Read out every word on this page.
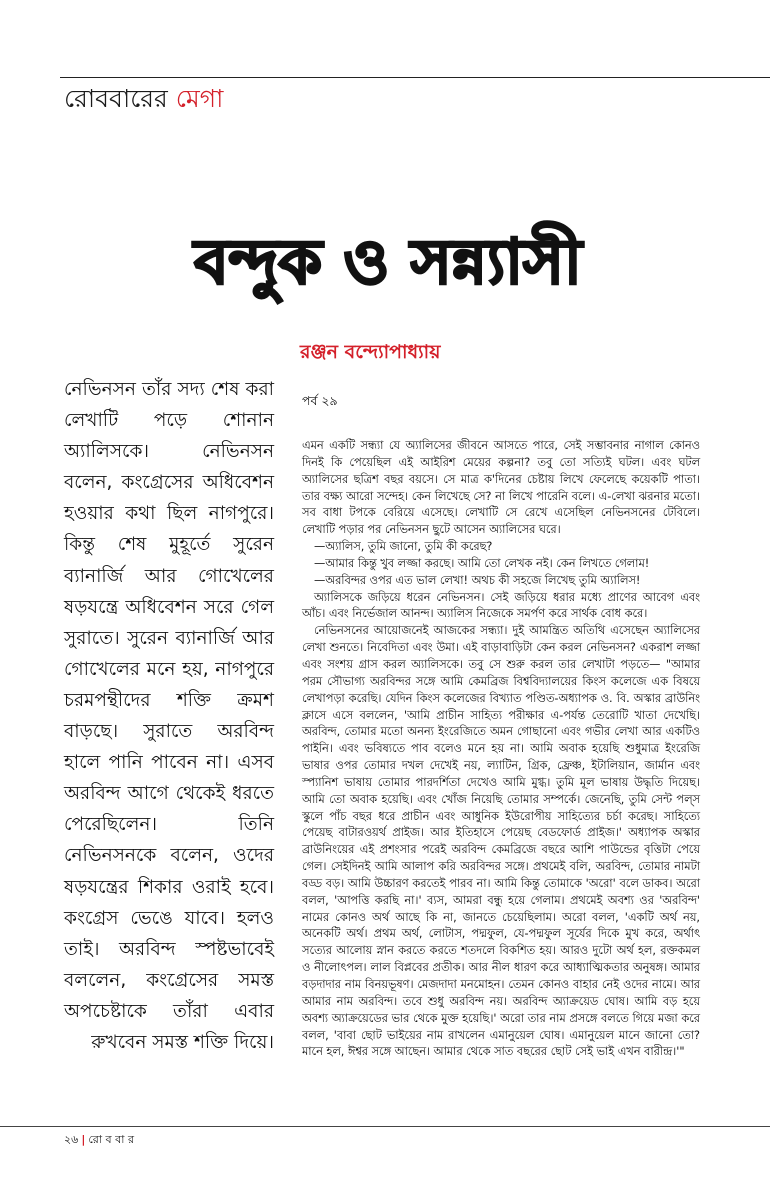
রোববারের মেগা
বন্দুক ও সন্ন্যাসী
রঞ্জন বন্দ্যোপাধ্যায়
নেভিনসন তাঁর সদ্য শেষ করা লেখাটি পড়ে শোনান অ্যালিসকে। নেভিনসন বলেন, কংগ্রেসের অধিবেশন হওয়ার কথা ছিল নাগপুরে। কিন্তু শেষ মুহূর্তে সুরেন ব্যানার্জি আর গোখেলের ষড়যন্ত্রে অধিবেশন সরে গেল সুরাতে। সুরেন ব্যানার্জি আর গোখেলের মনে হয়, নাগপুরে চরমপন্থীদের শক্তি ক্রমশ বাড়ছে। সুরাতে অরবিন্দ হালে পানি পাবেন না। এসব অরবিন্দ আগে থেকেই ধরতে পেরেছিলেন। তিনি নেভিনসনকে বলেন, ওদের ষড়যন্ত্রের শিকার ওরাই হবে। কংগ্রেস ভেঙে যাবে। হলও তাই। অরবিন্দ স্পষ্টভাবেই বললেন, কংগ্রেসের সমস্ত অপচেষ্টাকে তাঁরা এবার রুখবেন সমস্ত শক্তি দিয়ে।
পর্ব ২৯

এমন একটি সন্ধ্যা যে অ্যালিসের জীবনে আসতে পারে, সেই সম্ভাবনার নাগাল কোনও দিনই কি পেয়েছিল এই আইরিশ মেয়ের কল্পনা? তবু তো সত্যিই ঘটল। এবং ঘটল অ্যালিসের ছত্রিশ বছর বয়সে। সে মাত্র ক'দিনের চেষ্টায় লিখে ফেলেছে কয়েকটি পাতা। তার বক্ষ্য আরো সন্দেহ। কেন লিখেছে সে? না লিখে পারেনি বলে। এ-লেখা ঝরনার মতো। সব বাধা টপকে বেরিয়ে এসেছে। লেখাটি সে রেখে এসেছিল নেভিনসনের টেবিলে। লেখাটি পড়ার পর নেভিনসন ছুটে আসেন অ্যালিসের ঘরে।

—অ্যালিস, তুমি জানো, তুমি কী করেছ?

—আমার কিন্তু খুব লজ্জা করছে। আমি তো লেখক নই। কেন লিখতে গেলাম!

—অরবিন্দর ওপর এত ভাল লেখা! অথচ কী সহজে লিখেছ তুমি অ্যালিস!

অ্যালিসকে জড়িয়ে ধরেন নেভিনসন। সেই জড়িয়ে ধরার মধ্যে প্রাণের আবেগ এবং আঁচ। এবং নির্ভেজাল আনন্দ। অ্যালিস নিজেকে সমর্পণ করে সার্থক বোধ করে।

নেভিনসনের আয়োজনেই আজকের সন্ধ্যা। দুই আমন্ত্রিত অতিথি এসেছেন অ্যালিসের লেখা শুনতে। নিবেদিতা এবং উমা। এই বাড়াবাড়িটা কেন করল নেভিনসন? একরাশ লজ্জা এবং সংশয় গ্রাস করল অ্যালিসকে। তবু সে শুরু করল তার লেখাটা পড়তে— "আমার পরম সৌভাগ্য অরবিন্দর সঙ্গে আমি কেমব্রিজ বিশ্ববিদ্যালয়ের কিংস কলেজে এক বিষয়ে লেখাপড়া করেছি। যেদিন কিংস কলেজের বিখ্যাত পণ্ডিত-অধ্যাপক ও. বি. অস্কার ব্রাউনিং ক্লাসে এসে বললেন, 'আমি প্রাচীন সাহিত্য পরীক্ষার এ-পর্যন্ত তেরোটি খাতা দেখেছি। অরবিন্দ, তোমার মতো অনন্য ইংরেজিতে অমন গোছানো এবং গভীর লেখা আর একটিও পাইনি। এবং ভবিষ্যতে পাব বলেও মনে হয় না। আমি অবাক হয়েছি শুধুমাত্র ইংরেজি ভাষার ওপর তোমার দখল দেখেই নয়, ল্যাটিন, গ্রিক, ফ্রেঞ্চ, ইটালিয়ান, জার্মান এবং স্প্যানিশ ভাষায় তোমার পারদর্শিতা দেখেও আমি মুগ্ধ। তুমি মূল ভাষায় উদ্ধৃতি দিয়েছ। আমি তো অবাক হয়েছি। এবং খোঁজ নিয়েছি তোমার সম্পর্কে। জেনেছি, তুমি সেন্ট পল্‌স স্কুলে পাঁচ বছর ধরে প্রাচীন এবং আধুনিক ইউরোপীয় সাহিত্যের চর্চা করেছ। সাহিত্যে পেয়েছ বাটারওয়র্থ প্রাইজ। আর ইতিহাসে পেয়েছ বেডফোর্ড প্রাইজ।' অধ্যাপক অস্কার ব্রাউনিংয়ের এই প্রশংসার পরেই অরবিন্দ কেমব্রিজে বছরে আশি পাউন্ডের বৃত্তিটা পেয়ে গেল। সেইদিনই আমি আলাপ করি অরবিন্দর সঙ্গে। প্রথমেই বলি, অরবিন্দ, তোমার নামটা বড্ড বড়। আমি উচ্চারণ করতেই পারব না। আমি কিন্তু তোমাকে 'অরো' বলে ডাকব। অরো বলল, 'আপত্তি করছি না।' ব্যস, আমরা বন্ধু হয়ে গেলাম। প্রথমেই অবশ্য ওর 'অরবিন্দ' নামের কোনও অর্থ আছে কি না, জানতে চেয়েছিলাম। অরো বলল, 'একটি অর্থ নয়, অনেকটি অর্থ। প্রথম অর্থ, লোটাস, পদ্মফুল, যে-পদ্মফুল সূর্যের দিকে মুখ করে, অর্থাৎ সত্যের আলোয় স্নান করতে করতে শতদলে বিকশিত হয়। আরও দুটো অর্থ হল, রক্তকমল ও নীলোৎপল। লাল বিপ্লবের প্রতীক। আর নীল ধারণ করে আধ্যাত্মিকতার অনুষঙ্গ। আমার বড়দাদার নাম বিনয়ভূষণ। মেজদাদা মনমোহন। তেমন কোনও বাহার নেই ওদের নামে। আর আমার নাম অরবিন্দ। তবে শুধু অরবিন্দ নয়। অরবিন্দ অ্যাক্রয়েড ঘোষ। আমি বড় হয়ে অবশ্য অ্যাক্রয়েডের ভার থেকে মুক্ত হয়েছি।' অরো তার নাম প্রসঙ্গে বলতে গিয়ে মজা করে বলল, 'বাবা ছোট ভাইয়ের নাম রাখলেন এমানুয়েল ঘোষ। এমানুয়েল মানে জানো তো? মানে হল, ঈশ্বর সঙ্গে আছেন। আমার থেকে সাত বছরের ছোট সেই ভাই এখন বারীন্দ্র।'"

২৬ | রো ব বা র
